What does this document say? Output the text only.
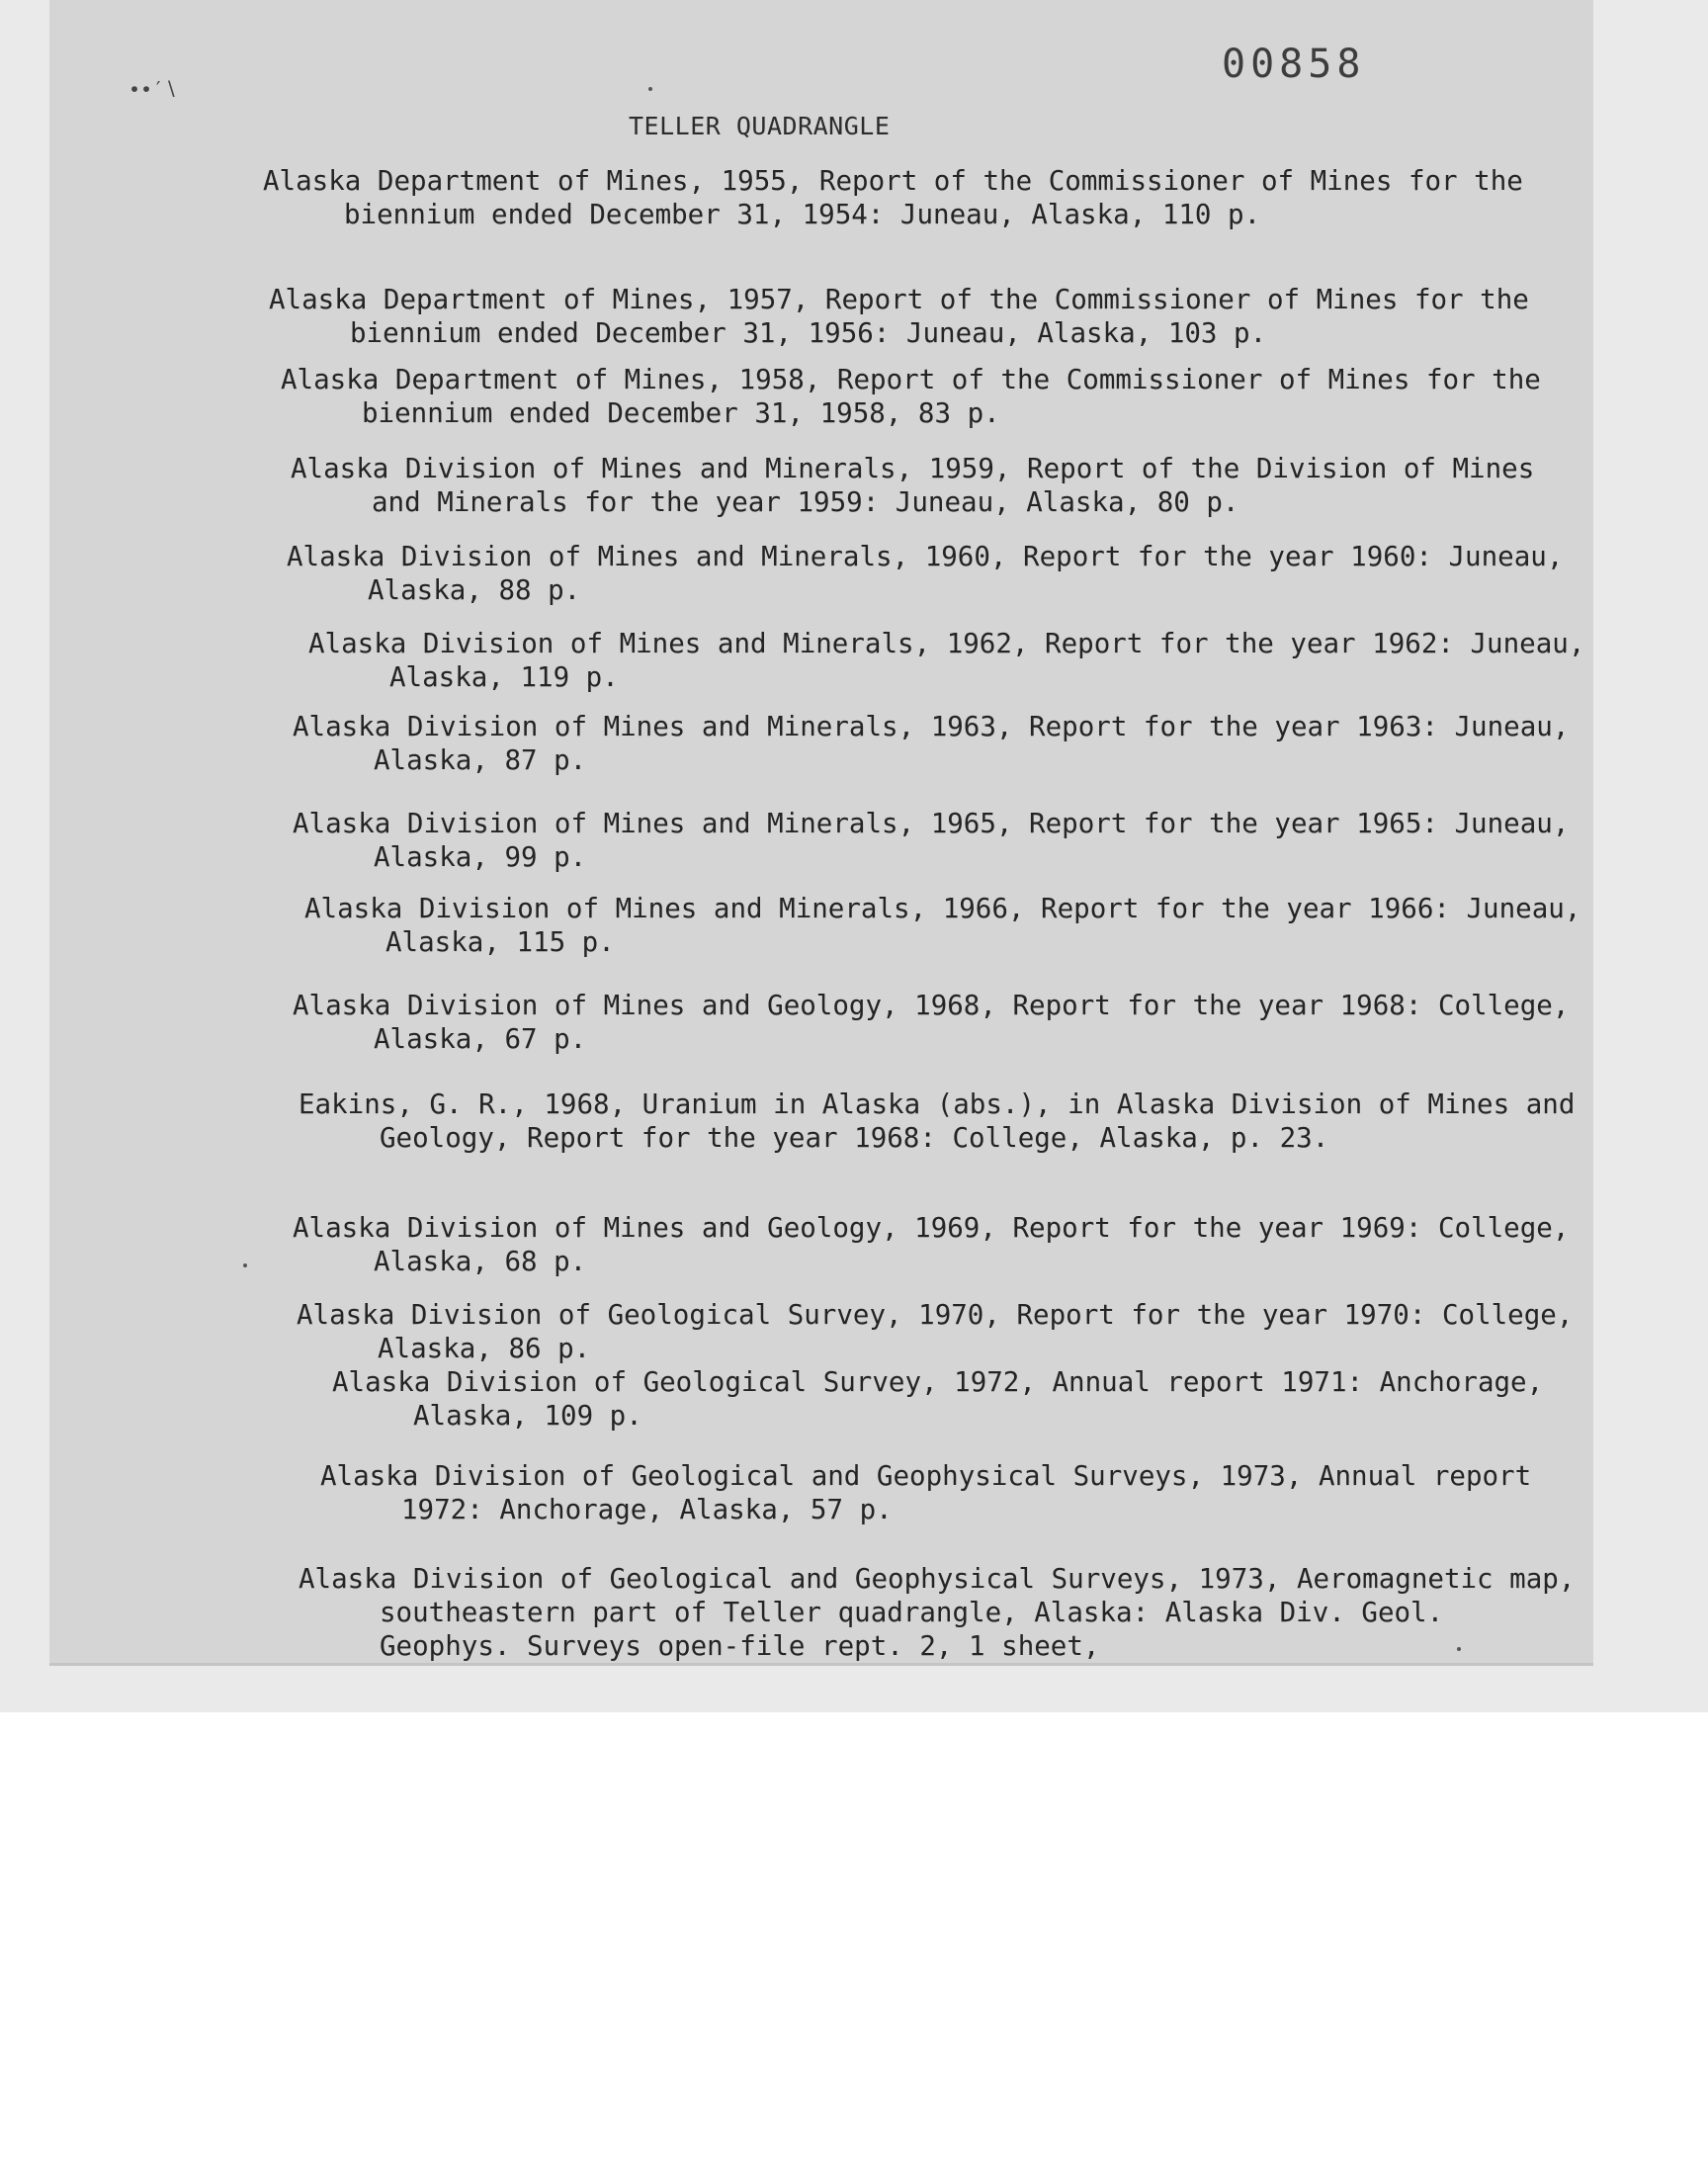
∙∙′∖
00858
TELLER QUADRANGLE

Alaska Department of Mines, 1955, Report of the Commissioner of Mines for the biennium ended December 31, 1954: Juneau, Alaska, 110 p.

Alaska Department of Mines, 1957, Report of the Commissioner of Mines for the biennium ended December 31, 1956: Juneau, Alaska, 103 p.

Alaska Department of Mines, 1958, Report of the Commissioner of Mines for the biennium ended December 31, 1958, 83 p.

Alaska Division of Mines and Minerals, 1959, Report of the Division of Mines and Minerals for the year 1959: Juneau, Alaska, 80 p.

Alaska Division of Mines and Minerals, 1960, Report for the year 1960: Juneau, Alaska, 88 p.

Alaska Division of Mines and Minerals, 1962, Report for the year 1962: Juneau, Alaska, 119 p.

Alaska Division of Mines and Minerals, 1963, Report for the year 1963: Juneau, Alaska, 87 p.

Alaska Division of Mines and Minerals, 1965, Report for the year 1965: Juneau, Alaska, 99 p.

Alaska Division of Mines and Minerals, 1966, Report for the year 1966: Juneau, Alaska, 115 p.

Alaska Division of Mines and Geology, 1968, Report for the year 1968: College, Alaska, 67 p.

Eakins, G. R., 1968, Uranium in Alaska (abs.), in Alaska Division of Mines and Geology, Report for the year 1968: College, Alaska, p. 23.

Alaska Division of Mines and Geology, 1969, Report for the year 1969: College, Alaska, 68 p.

Alaska Division of Geological Survey, 1970, Report for the year 1970: College, Alaska, 86 p.

Alaska Division of Geological Survey, 1972, Annual report 1971: Anchorage, Alaska, 109 p.

Alaska Division of Geological and Geophysical Surveys, 1973, Annual report 1972: Anchorage, Alaska, 57 p.

Alaska Division of Geological and Geophysical Surveys, 1973, Aeromagnetic map, southeastern part of Teller quadrangle, Alaska: Alaska Div. Geol. Geophys. Surveys open-file rept. 2, 1 sheet,
